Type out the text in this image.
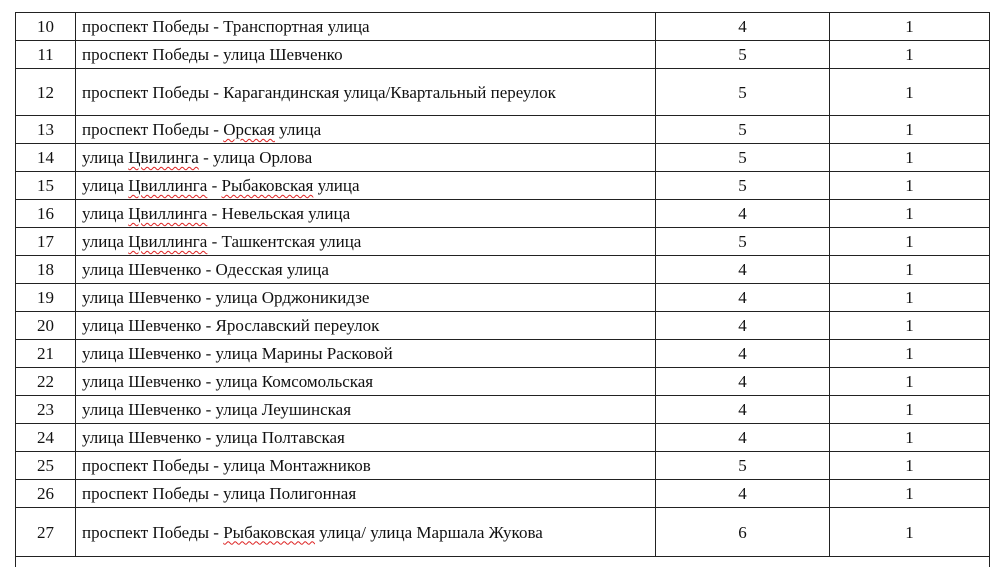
10	проспект Победы - Транспортная улица	4	1
11	проспект Победы - улица Шевченко	5	1
12	проспект Победы - Карагандинская улица/Квартальный переулок	5	1
13	проспект Победы - Орская улица	5	1
14	улица Цвилинга - улица Орлова	5	1
15	улица Цвиллинга - Рыбаковская улица	5	1
16	улица Цвиллинга - Невельская улица	4	1
17	улица Цвиллинга - Ташкентская улица	5	1
18	улица Шевченко - Одесская улица	4	1
19	улица Шевченко - улица Орджоникидзе	4	1
20	улица Шевченко - Ярославский переулок	4	1
21	улица Шевченко - улица Марины Расковой	4	1
22	улица Шевченко - улица Комсомольская	4	1
23	улица Шевченко - улица Леушинская	4	1
24	улица Шевченко - улица Полтавская	4	1
25	проспект Победы - улица Монтажников	5	1
26	проспект Победы - улица Полигонная	4	1
27	проспект Победы - Рыбаковская улица/ улица Маршала Жукова	6	1
